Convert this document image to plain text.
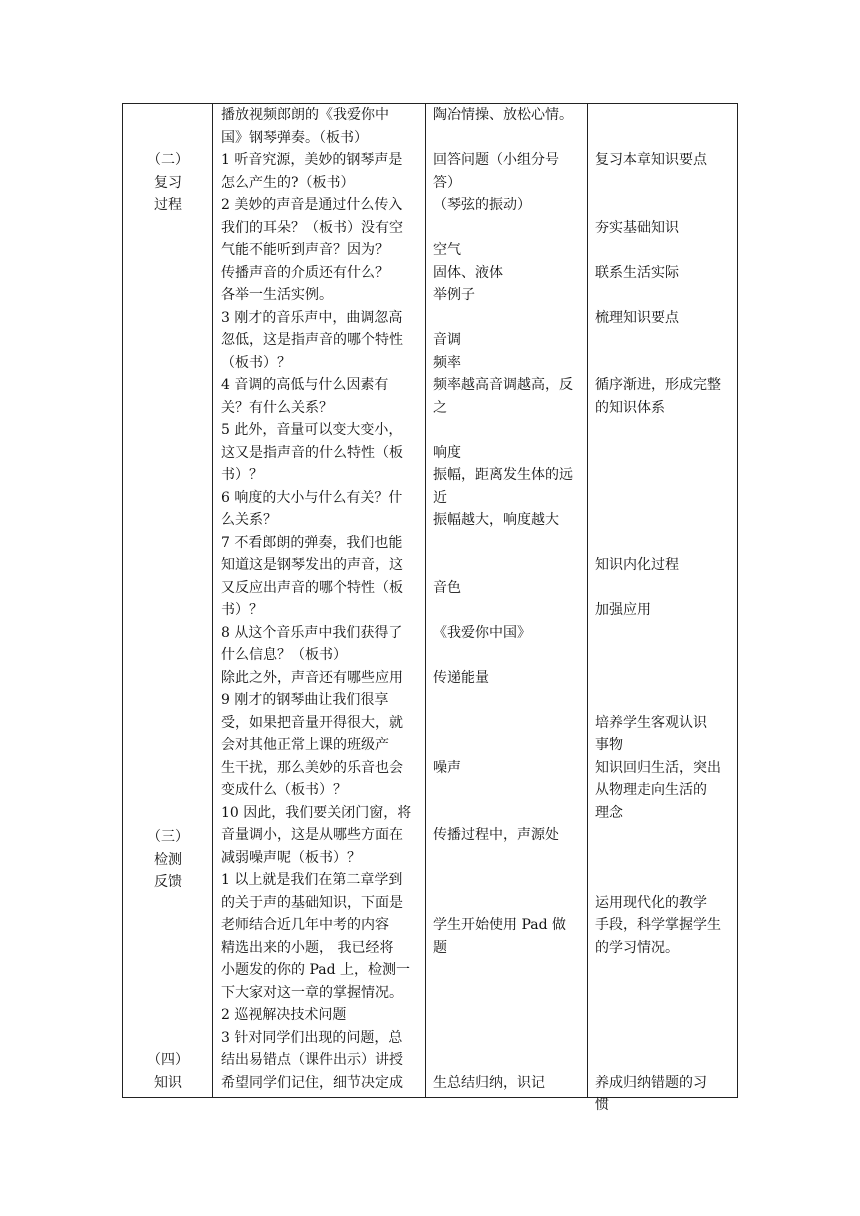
（二）
复习
过程
（三）
检测
反馈
（四）
知识
播放视频郎朗的《我爱你中
国》钢琴弹奏。（板书）
1 听音究源，美妙的钢琴声是
怎么产生的?（板书）
2 美妙的声音是通过什么传入
我们的耳朵？（板书）没有空
气能不能听到声音？因为？
传播声音的介质还有什么？
各举一生活实例。
3 刚才的音乐声中，曲调忽高
忽低，这是指声音的哪个特性
（板书）？
4 音调的高低与什么因素有
关？有什么关系？
5 此外，音量可以变大变小，
这又是指声音的什么特性（板
书）？
6 响度的大小与什么有关？什
么关系？
7 不看郎朗的弹奏，我们也能
知道这是钢琴发出的声音，这
又反应出声音的哪个特性（板
书）？
8 从这个音乐声中我们获得了
什么信息？（板书）
除此之外，声音还有哪些应用
9 刚才的钢琴曲让我们很享
受，如果把音量开得很大，就
会对其他正常上课的班级产
生干扰，那么美妙的乐音也会
变成什么（板书）？
10 因此，我们要关闭门窗，将
音量调小，这是从哪些方面在
减弱噪声呢（板书）？
1 以上就是我们在第二章学到
的关于声的基础知识，下面是
老师结合近几年中考的内容
精选出来的小题， 我已经将
小题发的你的 Pad 上，检测一
下大家对这一章的掌握情况。
2 巡视解决技术问题
3 针对同学们出现的问题，总
结出易错点（课件出示）讲授
希望同学们记住，细节决定成
陶冶情操、放松心情。
回答问题（小组分号
答）
（琴弦的振动）
空气
固体、液体
举例子
音调
频率
频率越高音调越高，反
之
响度
振幅，距离发生体的远
近
振幅越大，响度越大
音色
《我爱你中国》
传递能量
噪声
传播过程中，声源处
学生开始使用 Pad 做
题
生总结归纳，识记
复习本章知识要点
夯实基础知识
联系生活实际
梳理知识要点
循序渐进，形成完整
的知识体系
知识内化过程
加强应用
培养学生客观认识
事物
知识回归生活，突出
从物理走向生活的
理念
运用现代化的教学
手段，科学掌握学生
的学习情况。
养成归纳错题的习
惯
